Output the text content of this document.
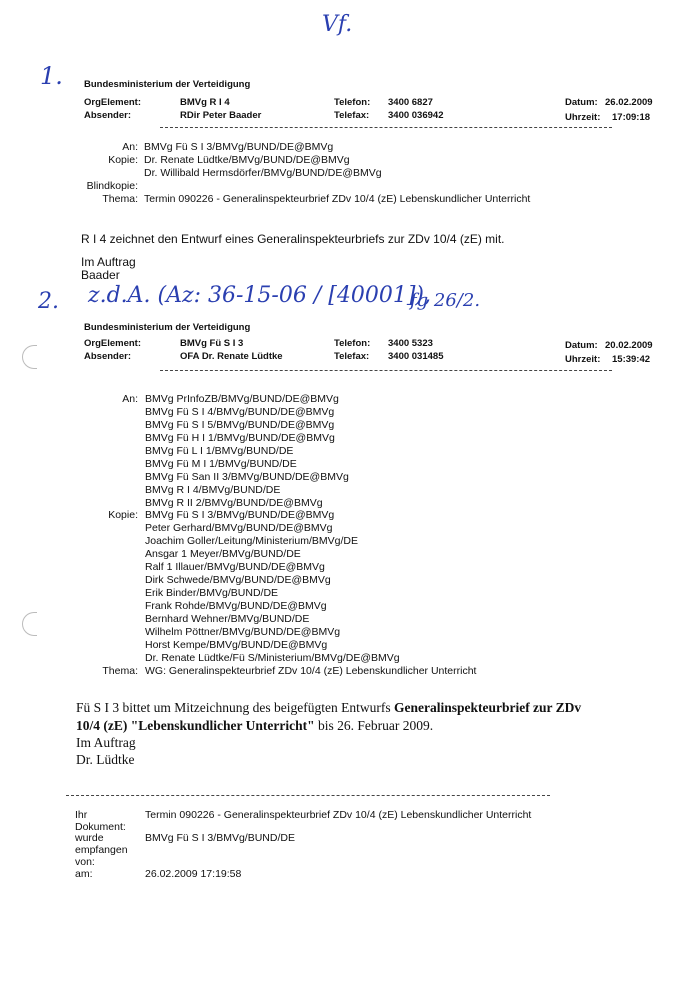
Vf.
1.
2. z.d.A. (Az: 36-15-06 / [40001]),
fg 26/2.
Bundesministerium der Verteidigung
OrgElement:	BMVg R I 4
Absender:	RDir Peter Baader
Telefon: 3400 6827
Telefax: 3400 036942
Datum: 26.02.2009
Uhrzeit: 17:09:18
An: BMVg Fü S I 3/BMVg/BUND/DE@BMVg
Kopie: Dr. Renate Lüdtke/BMVg/BUND/DE@BMVg
Dr. Willibald Hermsdörfer/BMVg/BUND/DE@BMVg
Blindkopie:
Thema: Termin 090226 - Generalinspekteurbrief ZDv 10/4 (zE) Lebenskundlicher Unterricht
R I 4 zeichnet den Entwurf eines Generalinspekteurbriefs zur ZDv 10/4 (zE) mit.
Im Auftrag
Baader
Bundesministerium der Verteidigung
OrgElement:	BMVg Fü S I 3
Absender:	OFA Dr. Renate Lüdtke
Telefon: 3400 5323
Telefax: 3400 031485
Datum: 20.02.2009
Uhrzeit: 15:39:42
An: BMVg PrInfoZB/BMVg/BUND/DE@BMVg
BMVg Fü S I 4/BMVg/BUND/DE@BMVg
BMVg Fü S I 5/BMVg/BUND/DE@BMVg
BMVg Fü H I 1/BMVg/BUND/DE@BMVg
BMVg Fü L I 1/BMVg/BUND/DE
BMVg Fü M I 1/BMVg/BUND/DE
BMVg Fü San II 3/BMVg/BUND/DE@BMVg
BMVg R I 4/BMVg/BUND/DE
BMVg R II 2/BMVg/BUND/DE@BMVg
Kopie: BMVg Fü S I 3/BMVg/BUND/DE@BMVg
Peter Gerhard/BMVg/BUND/DE@BMVg
Joachim Goller/Leitung/Ministerium/BMVg/DE
Ansgar 1 Meyer/BMVg/BUND/DE
Ralf 1 Illauer/BMVg/BUND/DE@BMVg
Dirk Schwede/BMVg/BUND/DE@BMVg
Erik Binder/BMVg/BUND/DE
Frank Rohde/BMVg/BUND/DE@BMVg
Bernhard Wehner/BMVg/BUND/DE
Wilhelm Pöttner/BMVg/BUND/DE@BMVg
Horst Kempe/BMVg/BUND/DE@BMVg
Dr. Renate Lüdtke/Fü S/Ministerium/BMVg/DE@BMVg
Thema: WG: Generalinspekteurbrief ZDv 10/4 (zE) Lebenskundlicher Unterricht
Fü S I 3 bittet um Mitzeichnung des beigefügten Entwurfs Generalinspekteurbrief zur ZDv
10/4 (zE) "Lebenskundlicher Unterricht" bis 26. Februar 2009.
Im Auftrag
Dr. Lüdtke
Ihr
Dokument:
Termin 090226 - Generalinspekteurbrief ZDv 10/4 (zE) Lebenskundlicher Unterricht
wurde
empfangen
von:
BMVg Fü S I 3/BMVg/BUND/DE
am:	26.02.2009 17:19:58
